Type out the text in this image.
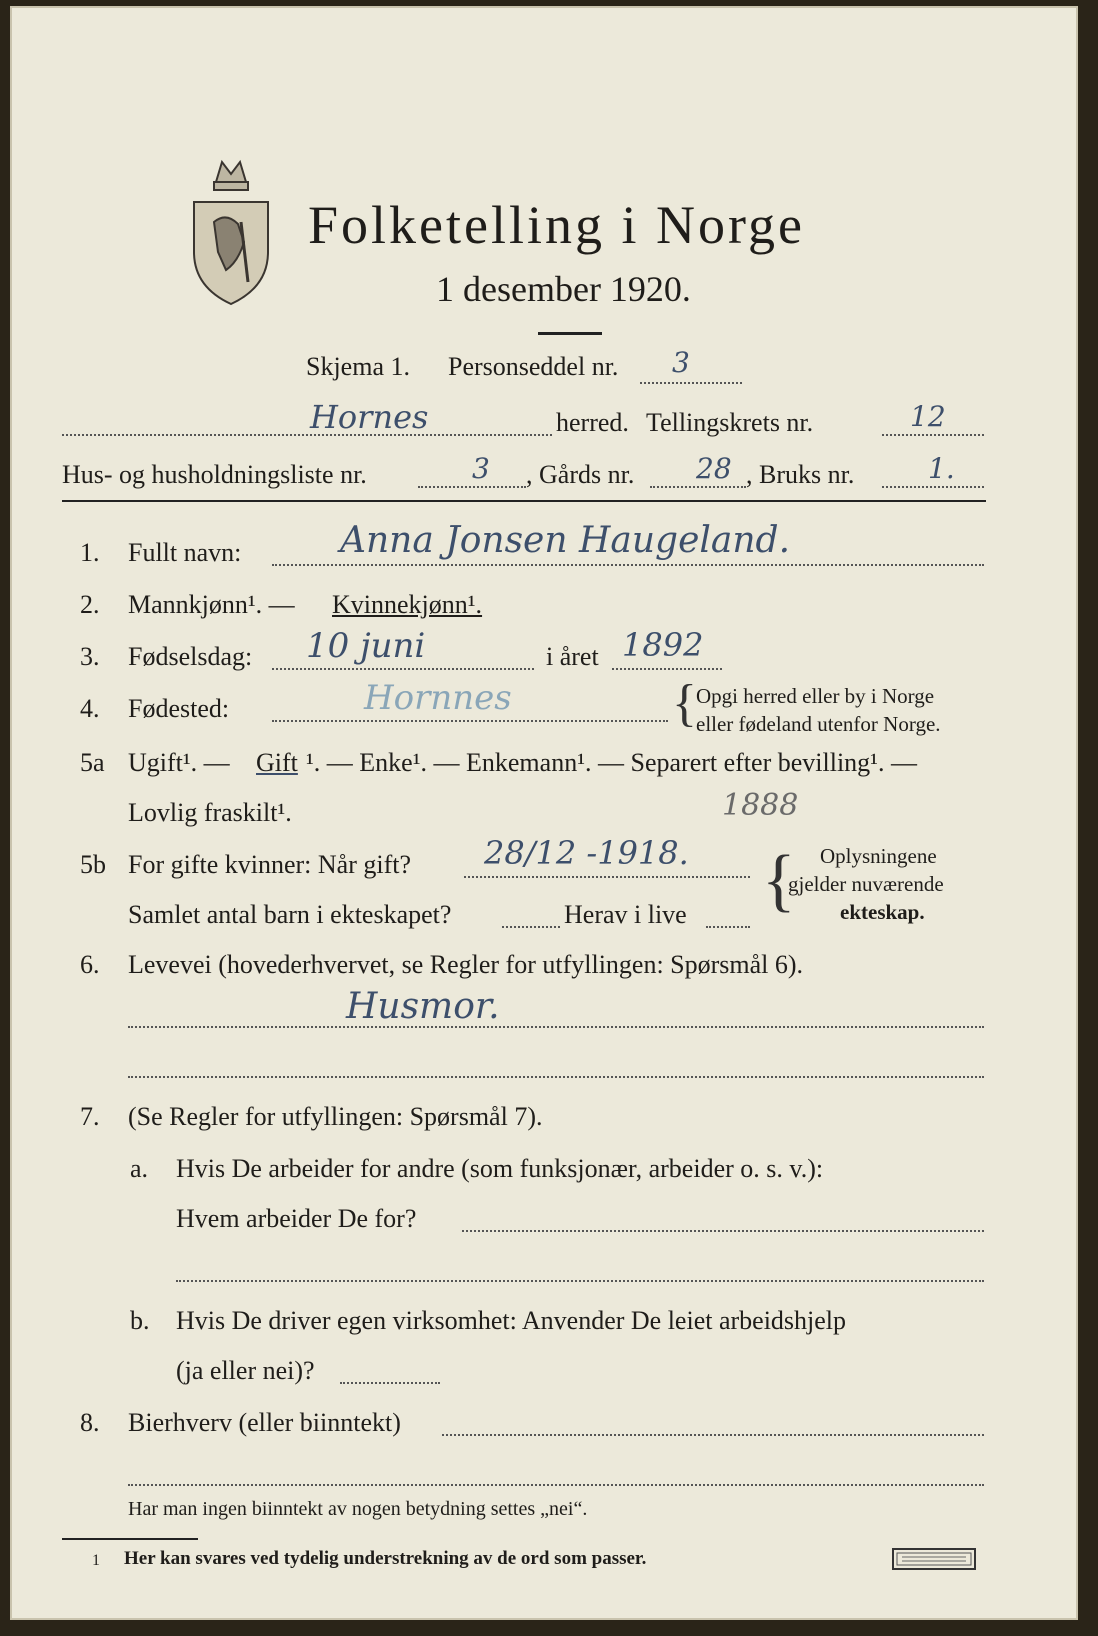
Folketelling i Norge
1 desember 1920.
Skjema 1. Personseddel nr. 3
Hornes	herred. Tellingskrets nr.	12
Hus- og husholdningsliste nr.	3 , Gårds nr. 28 , Bruks nr.	1.
1. Fullt navn:	Anna Jonsen Haugeland.
2. Mannkjønn¹. — Kvinnekjønn¹.
3. Fødselsdag: 10 juni	i året 1892
4. Fødested:	Hornnes	{ Opgi herred eller by i Norge
eller fødeland utenfor Norge.
5a Ugift¹. — Gift ¹. — Enke¹. — Enkemann¹. — Separert efter bevilling¹. —
Lovlig fraskilt¹.	1888
5b For gifte kvinner: Når gift? 28/12 -1918.
Samlet antal barn i ekteskapet?	Herav i live { Oplysningene
gjelder nuværende
ekteskap.
6. Levevei (hovederhvervet, se Regler for utfyllingen: Spørsmål 6).
Husmor.
7. (Se Regler for utfyllingen: Spørsmål 7).
a. Hvis De arbeider for andre (som funksjonær, arbeider o. s. v.):
Hvem arbeider De for?
b. Hvis De driver egen virksomhet: Anvender De leiet arbeidshjelp
(ja eller nei)?
8. Bierhverv (eller biinntekt)
Har man ingen biinntekt av nogen betydning settes „nei“.
1 Her kan svares ved tydelig understrekning av de ord som passer.
